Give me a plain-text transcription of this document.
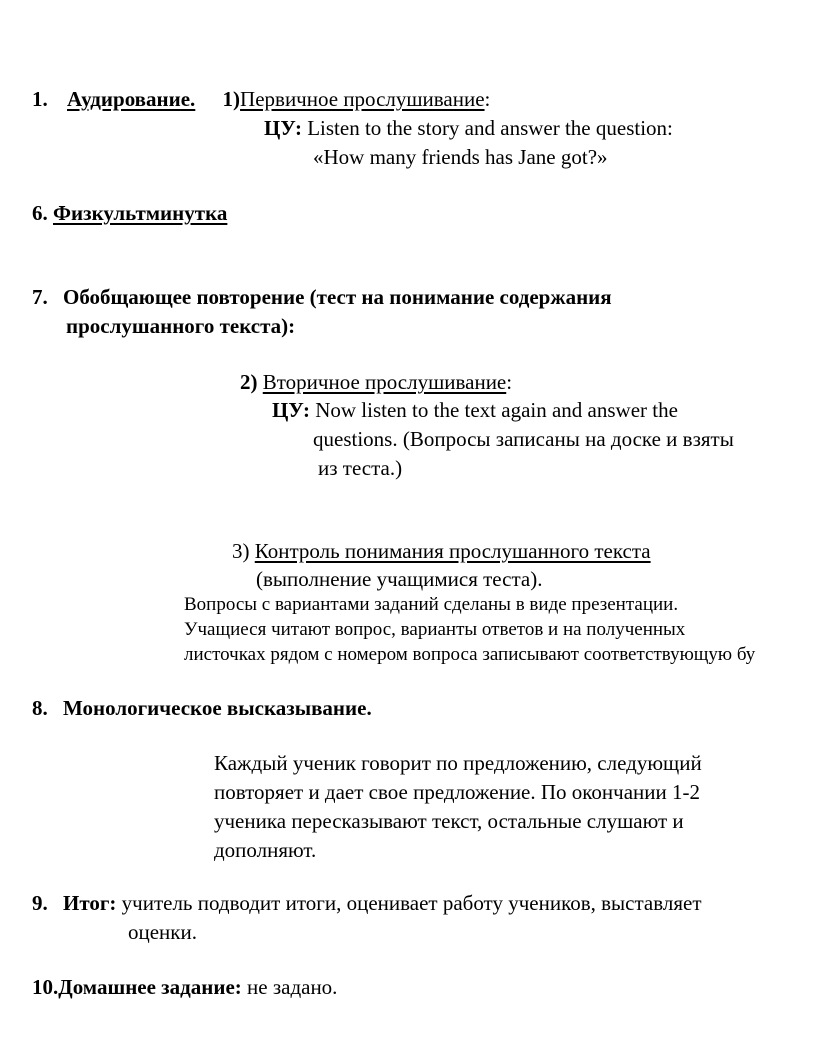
1. Аудирование. 1)Первичное прослушивание:
ЦУ: Listen to the story and answer the question:
«How many friends has Jane got?»
6. Физкультминутка
7. Обобщающее повторение (тест на понимание содержания
прослушанного текста):
2) Вторичное прослушивание:
ЦУ: Now listen to the text again and answer the
questions. (Вопросы записаны на доске и взяты
из теста.)
3) Контроль понимания прослушанного текста
(выполнение учащимися теста).
Вопросы с вариантами заданий сделаны в виде презентации.
Учащиеся читают вопрос, варианты ответов и на полученных
листочках рядом с номером вопроса записывают соответствующую бу
8. Монологическое высказывание.
Каждый ученик говорит по предложению, следующий
повторяет и дает свое предложение. По окончании 1-2
ученика пересказывают текст, остальные слушают и
дополняют.
9. Итог: учитель подводит итоги, оценивает работу учеников, выставляет
оценки.
10.Домашнее задание: не задано.
